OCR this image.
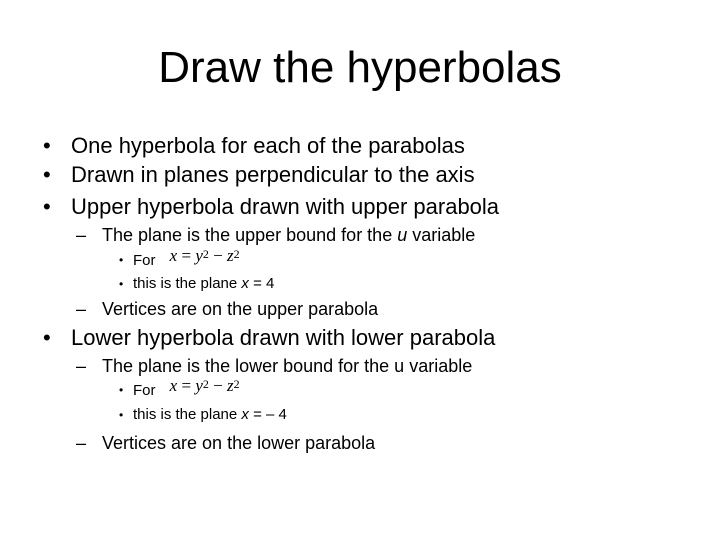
Draw the hyperbolas
• One hyperbola for each of the parabolas
• Drawn in planes perpendicular to the axis
• Upper hyperbola drawn with upper parabola
– The plane is the upper bound for the u variable
• For $x = y^2 - z^2$
• this is the plane x = 4
– Vertices are on the upper parabola
• Lower hyperbola drawn with lower parabola
– The plane is the lower bound for the u variable
• For $x = y^2 - z^2$
• this is the plane x = – 4
– Vertices are on the lower parabola
